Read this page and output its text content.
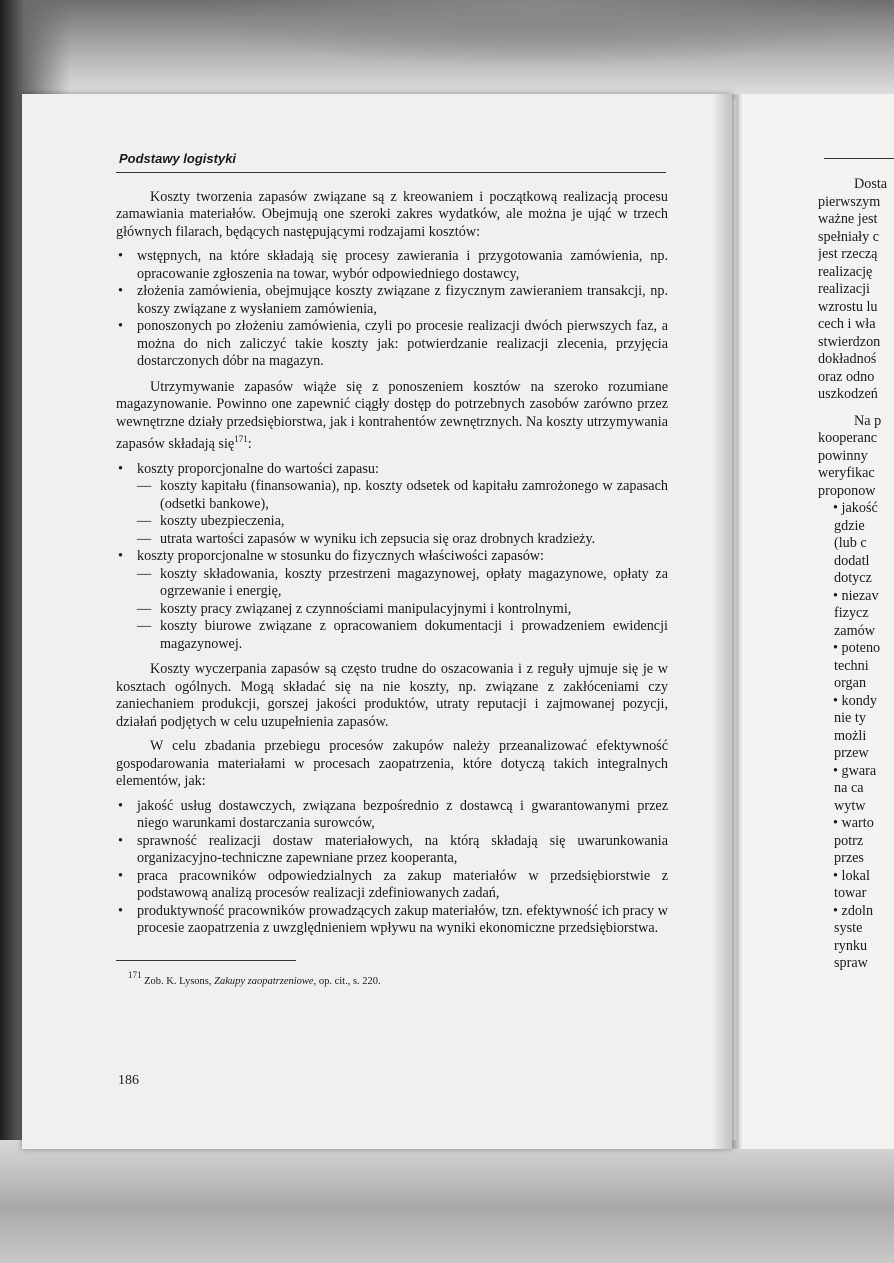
Podstawy logistyki

Koszty tworzenia zapasów związane są z kreowaniem i początkową realizacją procesu zamawiania materiałów. Obejmują one szeroki zakres wydatków, ale można je ująć w trzech głównych filarach, będących następującymi rodzajami kosztów:

• wstępnych, na które składają się procesy zawierania i przygotowania zamówienia, np. opracowanie zgłoszenia na towar, wybór odpowiedniego dostawcy,
• złożenia zamówienia, obejmujące koszty związane z fizycznym zawieraniem transakcji, np. koszy związane z wysłaniem zamówienia,
• ponoszonych po złożeniu zamówienia, czyli po procesie realizacji dwóch pierwszych faz, a można do nich zaliczyć takie koszty jak: potwierdzanie realizacji zlecenia, przyjęcia dostarczonych dóbr na magazyn.

Utrzymywanie zapasów wiąże się z ponoszeniem kosztów na szeroko rozumiane magazynowanie. Powinno one zapewnić ciągły dostęp do potrzebnych zasobów zarówno przez wewnętrzne działy przedsiębiorstwa, jak i kontrahentów zewnętrznych. Na koszty utrzymywania zapasów składają się$^{171}$:

• koszty proporcjonalne do wartości zapasu:
— koszty kapitału (finansowania), np. koszty odsetek od kapitału zamrożonego w zapasach (odsetki bankowe),
— koszty ubezpieczenia,
— utrata wartości zapasów w wyniku ich zepsucia się oraz drobnych kradzieży.
• koszty proporcjonalne w stosunku do fizycznych właściwości zapasów:
— koszty składowania, koszty przestrzeni magazynowej, opłaty magazynowe, opłaty za ogrzewanie i energię,
— koszty pracy związanej z czynnościami manipulacyjnymi i kontrolnymi,
— koszty biurowe związane z opracowaniem dokumentacji i prowadzeniem ewidencji magazynowej.

Koszty wyczerpania zapasów są często trudne do oszacowania i z reguły ujmuje się je w kosztach ogólnych. Mogą składać się na nie koszty, np. związane z zakłóceniami czy zaniechaniem produkcji, gorszej jakości produktów, utraty reputacji i zajmowanej pozycji, działań podjętych w celu uzupełnienia zapasów.

W celu zbadania przebiegu procesów zakupów należy przeanalizować efektywność gospodarowania materiałami w procesach zaopatrzenia, które dotyczą takich integralnych elementów, jak:

• jakość usług dostawczych, związana bezpośrednio z dostawcą i gwarantowanymi przez niego warunkami dostarczania surowców,
• sprawność realizacji dostaw materiałowych, na którą składają się uwarunkowania organizacyjno-techniczne zapewniane przez kooperanta,
• praca pracowników odpowiedzialnych za zakup materiałów w przedsiębiorstwie z podstawową analizą procesów realizacji zdefiniowanych zadań,
• produktywność pracowników prowadzących zakup materiałów, tzn. efektywność ich pracy w procesie zaopatrzenia z uwzględnieniem wpływu na wyniki ekonomiczne przedsiębiorstwa.
171 Zob. K. Lysons, Zakupy zaopatrzeniowe, op. cit., s. 220.
186
Dosta
pierwszym
ważne jest
spełniały c
jest rzeczą
realizację
realizacji
wzrostu lu
cech i wła
stwierdzon
dokładnoś
oraz odno
uszkodzeń
Na p
kooperanc
powinny
weryfikac
proponow
• jakość
gdzie
(lub c
dodatl
dotycz
• niezav
fizycz
zamów
• poteno
techni
organ
• kondy
nie ty
możli
przew
• gwara
na ca
wytw
• warto
potrz
przes
• lokal
towar
• zdoln
syste
rynku
spraw
